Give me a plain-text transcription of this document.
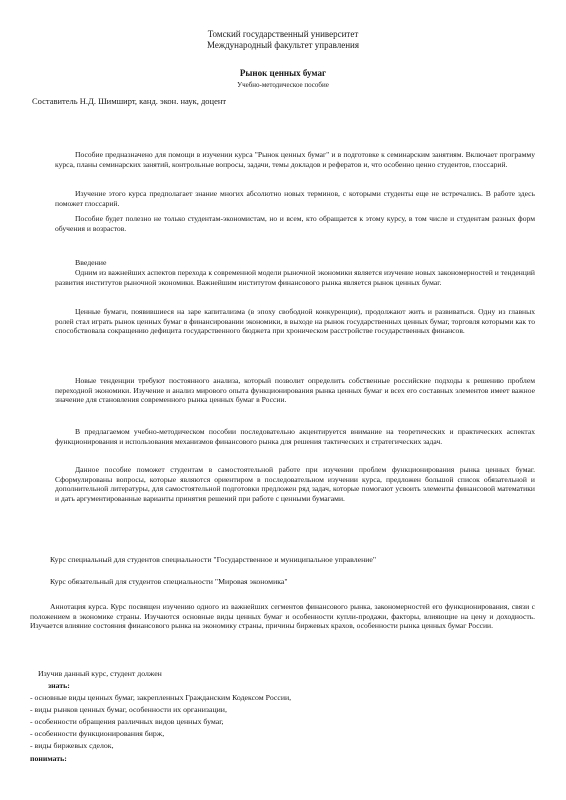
Томский государственный университет
Международный факультет управления
Рынок ценных бумаг
Учебно-методическое пособие
Составитель Н.Д. Шимширт, канд. экон. наук, доцент

Пособие предназначено для помощи в изучении курса "Рынок ценных бумаг" и в подготовке к семинарским занятиям. Включает программу курса, планы семинарских занятий, контрольные вопросы, задачи, темы докладов и рефератов и, что особенно ценно студентов, глоссарий.

Изучение этого курса предполагает знание многих абсолютно новых терминов, с которыми студенты еще не встречались. В работе здесь поможет глоссарий.

Пособие будет полезно не только студентам-экономистам, но и всем, кто обращается к этому курсу, в том числе и студентам разных форм обучения и возрастов.

Введение

Одним из важнейших аспектов перехода к современной модели рыночной экономики является изучение новых закономерностей и тенденций развития институтов рыночной экономики. Важнейшим институтом финансового рынка является рынок ценных бумаг.

Ценные бумаги, появившиеся на заре капитализма (в эпоху свободной конкуренции), продолжают жить и развиваться. Одну из главных ролей стал играть рынок ценных бумаг в финансировании экономики, в выходе на рынок государственных ценных бумаг, торговля которыми как то способствовала сокращению дефицита государственного бюджета при хроническом расстройстве государственных финансов.

Новые тенденции требуют постоянного анализа, который позволит определить собственные российские подходы к решению проблем переходной экономики. Изучение и анализ мирового опыта функционирования рынка ценных бумаг и всех его составных элементов имеет важное значение для становления современного рынка ценных бумаг в России.

В предлагаемом учебно-методическом пособии последовательно акцентируется внимание на теоретических и практических аспектах функционирования и использования механизмов финансового рынка для решения тактических и стратегических задач.

Данное пособие поможет студентам в самостоятельной работе при изучении проблем функционирования рынка ценных бумаг. Сформулированы вопросы, которые являются ориентиром в последовательном изучении курса, предложен большой список обязательной и дополнительной литературы, для самостоятельной подготовки предложен ряд задач, которые помогают усвоить элементы финансовой математики и дать аргументированные варианты принятия решений при работе с ценными бумагами.

Курс специальный для студентов специальности "Государственное и муниципальное управление"
Курс обязательный для студентов специальности "Мировая экономика"

Аннотация курса. Курс посвящен изучению одного из важнейших сегментов финансового рынка, закономерностей его функционирования, связи с положением в экономике страны. Изучаются основные виды ценных бумаг и особенности купли-продажи, факторы, влияющие на цену и доходность. Изучается влияние состояния финансового рынка на экономику страны, причины биржевых крахов, особенности рынка ценных бумаг России.

Изучив данный курс, студент должен
знать:
- основные виды ценных бумаг, закрепленных Гражданским Кодексом России,
- виды рынков ценных бумаг, особенности их организации,
- особенности обращения различных видов ценных бумаг,
- особенности функционирования бирж,
- виды биржевых сделок,
понимать:
